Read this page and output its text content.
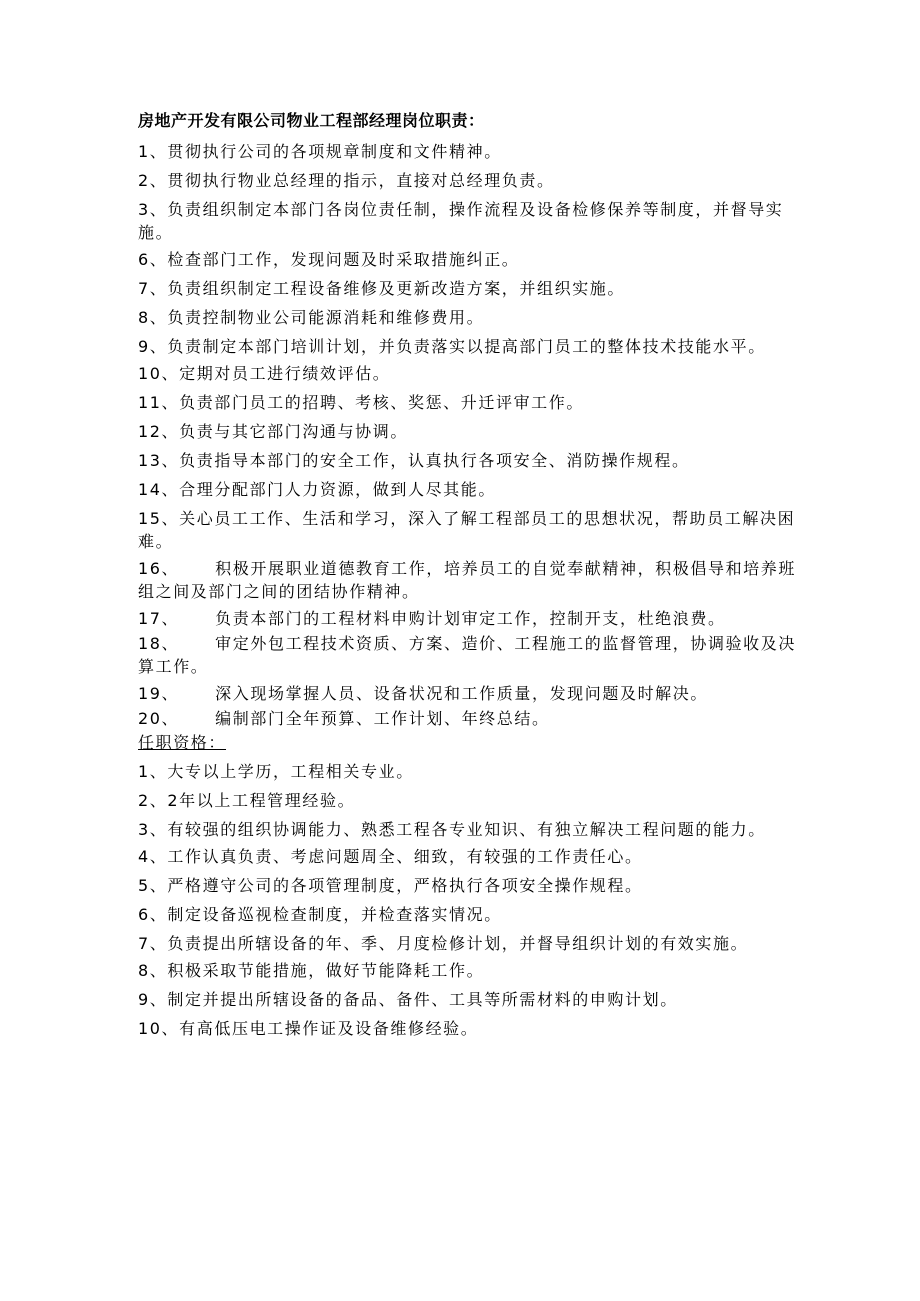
房地产开发有限公司物业工程部经理岗位职责：

1、贯彻执行公司的各项规章制度和文件精神。

2、贯彻执行物业总经理的指示，直接对总经理负责。

3、负责组织制定本部门各岗位责任制，操作流程及设备检修保养等制度，并督导实施。

6、检查部门工作，发现问题及时采取措施纠正。

7、负责组织制定工程设备维修及更新改造方案，并组织实施。

8、负责控制物业公司能源消耗和维修费用。

9、负责制定本部门培训计划，并负责落实以提高部门员工的整体技术技能水平。

10、定期对员工进行绩效评估。

11、负责部门员工的招聘、考核、奖惩、升迁评审工作。

12、负责与其它部门沟通与协调。

13、负责指导本部门的安全工作，认真执行各项安全、消防操作规程。

14、合理分配部门人力资源，做到人尽其能。

15、关心员工工作、生活和学习，深入了解工程部员工的思想状况，帮助员工解决困难。

16、 积极开展职业道德教育工作，培养员工的自觉奉献精神，积极倡导和培养班组之间及部门之间的团结协作精神。

17、 负责本部门的工程材料申购计划审定工作，控制开支，杜绝浪费。

18、 审定外包工程技术资质、方案、造价、工程施工的监督管理，协调验收及决算工作。

19、 深入现场掌握人员、设备状况和工作质量，发现问题及时解决。

20、 编制部门全年预算、工作计划、年终总结。

任职资格：

1、大专以上学历，工程相关专业。

2、2年以上工程管理经验。

3、有较强的组织协调能力、熟悉工程各专业知识、有独立解决工程问题的能力。

4、工作认真负责、考虑问题周全、细致，有较强的工作责任心。

5、严格遵守公司的各项管理制度，严格执行各项安全操作规程。

6、制定设备巡视检查制度，并检查落实情况。

7、负责提出所辖设备的年、季、月度检修计划，并督导组织计划的有效实施。

8、积极采取节能措施，做好节能降耗工作。

9、制定并提出所辖设备的备品、备件、工具等所需材料的申购计划。

10、有高低压电工操作证及设备维修经验。
